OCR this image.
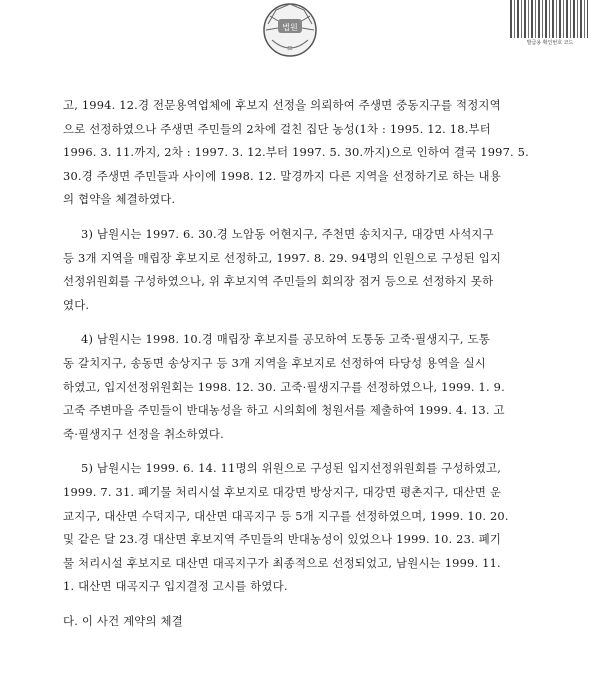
법원
⚖
발급용 확인번호 코드

고, 1994. 12.경 전문용역업체에 후보지 선정을 의뢰하여 주생면 중동지구를 적정지역
으로 선정하였으나 주생면 주민들의 2차에 걸친 집단 농성(1차 : 1995. 12. 18.부터
1996. 3. 11.까지, 2차 : 1997. 3. 12.부터 1997. 5. 30.까지)으로 인하여 결국 1997. 5.
30.경 주생면 주민들과 사이에 1998. 12. 말경까지 다른 지역을 선정하기로 하는 내용
의 협약을 체결하였다.

3) 남원시는 1997. 6. 30.경 노암동 어현지구, 주천면 송치지구, 대강면 사석지구
등 3개 지역을 매립장 후보지로 선정하고, 1997. 8. 29. 94명의 인원으로 구성된 입지
선정위원회를 구성하였으나, 위 후보지역 주민들의 회의장 점거 등으로 선정하지 못하
였다.

4) 남원시는 1998. 10.경 매립장 후보지를 공모하여 도통동 고죽·필생지구, 도통
동 갈치지구, 송동면 송상지구 등 3개 지역을 후보지로 선정하여 타당성 용역을 실시
하였고, 입지선정위원회는 1998. 12. 30. 고죽·필생지구를 선정하였으나, 1999. 1. 9.
고죽 주변마을 주민들이 반대농성을 하고 시의회에 청원서를 제출하여 1999. 4. 13. 고
죽·필생지구 선정을 취소하였다.

5) 남원시는 1999. 6. 14. 11명의 위원으로 구성된 입지선정위원회를 구성하였고,
1999. 7. 31. 폐기물 처리시설 후보지로 대강면 방상지구, 대강면 평촌지구, 대산면 운
교지구, 대산면 수덕지구, 대산면 대곡지구 등 5개 지구를 선정하였으며, 1999. 10. 20.
및 같은 달 23.경 대산면 후보지역 주민들의 반대농성이 있었으나 1999. 10. 23. 폐기
물 처리시설 후보지로 대산면 대곡지구가 최종적으로 선정되었고, 남원시는 1999. 11.
1. 대산면 대곡지구 입지결정 고시를 하였다.

다. 이 사건 계약의 체결
